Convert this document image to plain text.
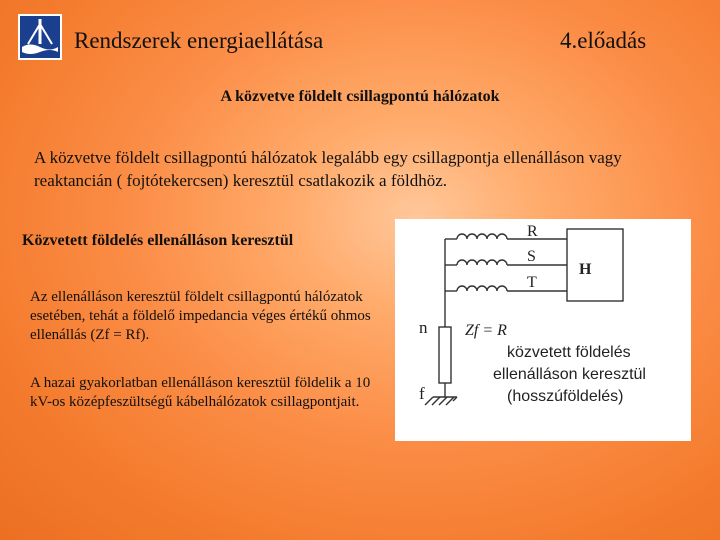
Rendszerek energiaellátása	4.előadás
A közvetve földelt csillagpontú hálózatok
A közvetve földelt csillagpontú hálózatok legalább egy csillagpontja ellenálláson vagy reaktancián ( fojtótekercsen) keresztül csatlakozik a földhöz.
Közvetett földelés ellenálláson keresztül
Az ellenálláson keresztül földelt csillagpontú hálózatok esetében, tehát a földelő impedancia véges értékű ohmos ellenállás (Zf = Rf).
A hazai gyakorlatban ellenálláson keresztül földelik a 10 kV-os középfeszültségű kábelhálózatok csillagpontjait.
R
S
T
H
n
f
Zf = R
közvetett földelés
ellenálláson keresztül
(hosszúföldelés)
